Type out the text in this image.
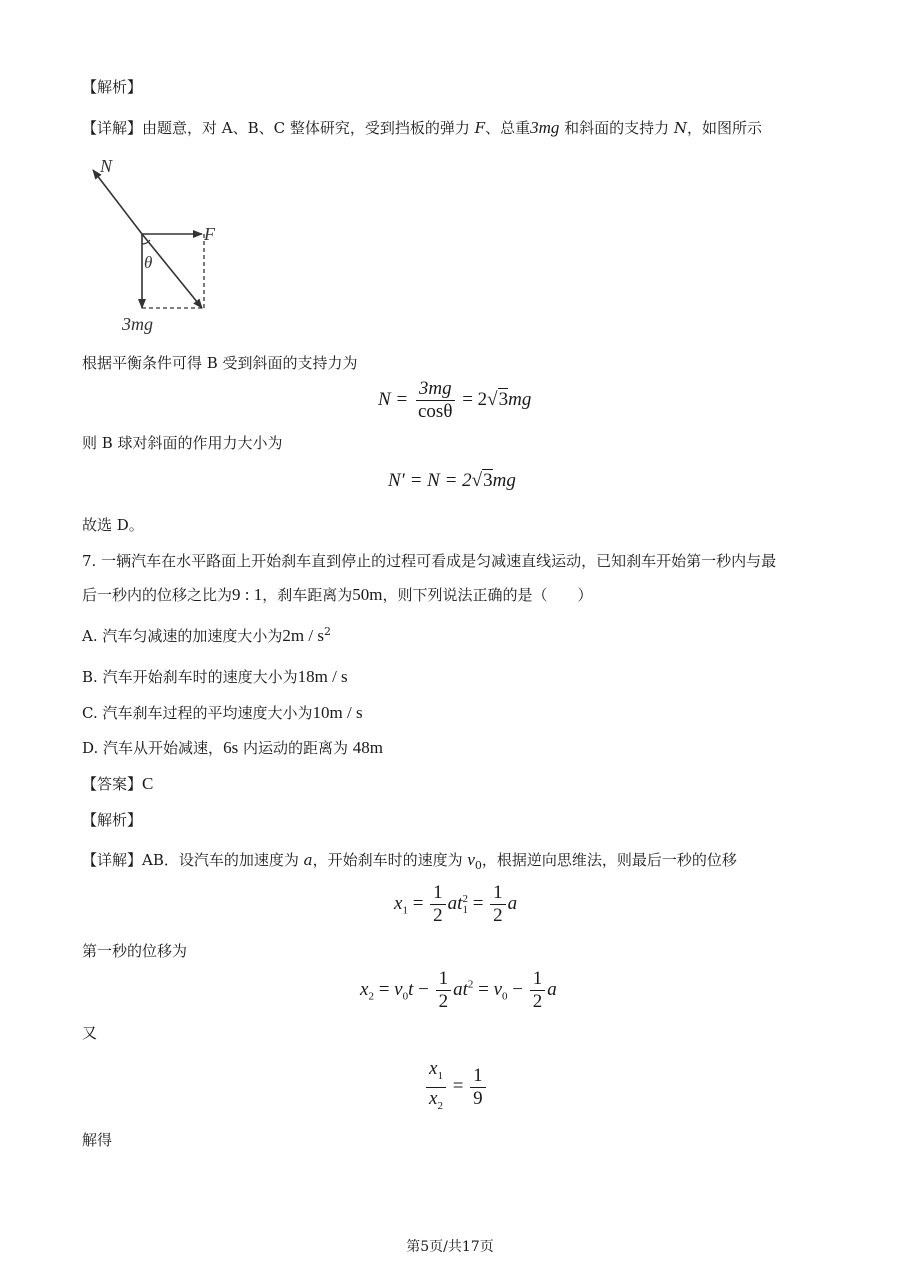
【解析】
【详解】由题意，对 A、B、C 整体研究，受到挡板的弹力 F、总重3mg 和斜面的支持力 N，如图所示
N
F
θ
3mg
根据平衡条件可得 B 受到斜面的支持力为
$N = \frac{3mg}{\cos\theta} = 2√3mg$
则 B 球对斜面的作用力大小为
N′ = N = 2√3mg
故选 D。
7. 一辆汽车在水平路面上开始刹车直到停止的过程可看成是匀减速直线运动，已知刹车开始第一秒内与最
后一秒内的位移之比为9 : 1，刹车距离为50m，则下列说法正确的是（　　）
A. 汽车匀减速的加速度大小为$2m / s^2$
B. 汽车开始刹车时的速度大小为18m / s
C. 汽车刹车过程的平均速度大小为10m / s
D. 汽车从开始减速，6s 内运动的距离为 48m
【答案】C
【解析】
【详解】AB．设汽车的加速度为 a，开始刹车时的速度为 $v_0$，根据逆向思维法，则最后一秒的位移
$x_1 = \frac{1}{2}$ at 2
$1 = \frac{1}{2}$ a
第一秒的位移为
$x_2 = v_0t - \frac{1}{2} at^2 = v_0 - \frac{1}{2}$ a
又
$\frac{x_1}{x_2} = \frac{1}{9}$
解得
第5页/共17页
